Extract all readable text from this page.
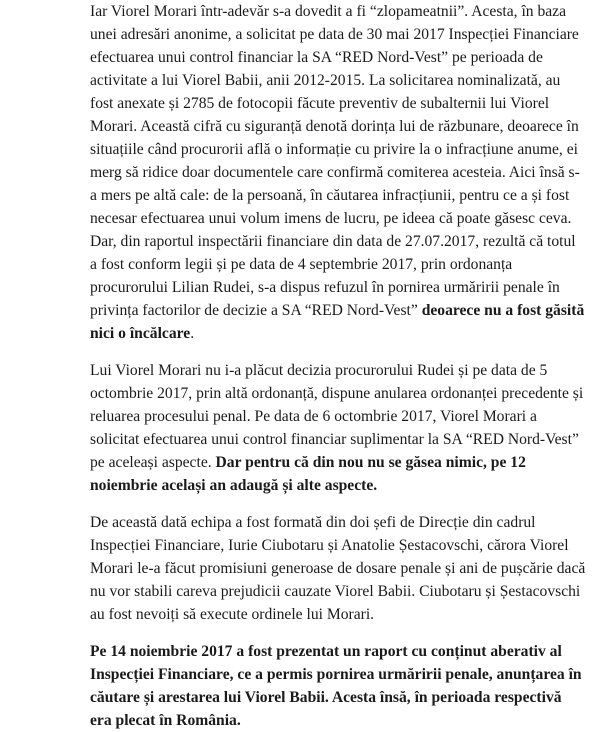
Iar Viorel Morari într-adevăr s-a dovedit a fi “zlopameatnii”. Acesta, în baza unei adresări anonime, a solicitat pe data de 30 mai 2017 Inspecției Financiare efectuarea unui control financiar la SA “RED Nord-Vest” pe perioada de activitate a lui Viorel Babii, anii 2012-2015. La solicitarea nominalizată, au fost anexate și 2785 de fotocopii făcute preventiv de subalternii lui Viorel Morari. Această cifră cu siguranță denotă dorința lui de răzbunare, deoarece în situațiile când procurorii află o informație cu privire la o infracțiune anume, ei merg să ridice doar documentele care confirmă comiterea acesteia. Aici însă s-a mers pe altă cale: de la persoană, în căutarea infracțiunii, pentru ce a și fost necesar efectuarea unui volum imens de lucru, pe ideea că poate găsesc ceva. Dar, din raportul inspectării financiare din data de 27.07.2017, rezultă că totul a fost conform legii și pe data de 4 septembrie 2017, prin ordonanța procurorului Lilian Rudei, s-a dispus refuzul în pornirea urmăririi penale în privința factorilor de decizie a SA “RED Nord-Vest” deoarece nu a fost găsită nici o încălcare.

Lui Viorel Morari nu i-a plăcut decizia procurorului Rudei și pe data de 5 octombrie 2017, prin altă ordonanță, dispune anularea ordonanței precedente și reluarea procesului penal. Pe data de 6 octombrie 2017, Viorel Morari a solicitat efectuarea unui control financiar suplimentar la SA “RED Nord-Vest” pe aceleași aspecte. Dar pentru că din nou nu se găsea nimic, pe 12 noiembrie același an adaugă și alte aspecte.

De această dată echipa a fost formată din doi șefi de Direcție din cadrul Inspecției Financiare, Iurie Ciubotaru și Anatolie Șestacovschi, cărora Viorel Morari le-a făcut promisiuni generoase de dosare penale și ani de pușcărie dacă nu vor stabili careva prejudicii cauzate Viorel Babii. Ciubotaru și Șestacovschi au fost nevoiți să execute ordinele lui Morari.

Pe 14 noiembrie 2017 a fost prezentat un raport cu conținut aberativ al Inspecției Financiare, ce a permis pornirea urmăririi penale, anunțarea în căutare și arestarea lui Viorel Babii. Acesta însă, în perioada respectivă era plecat în România.
